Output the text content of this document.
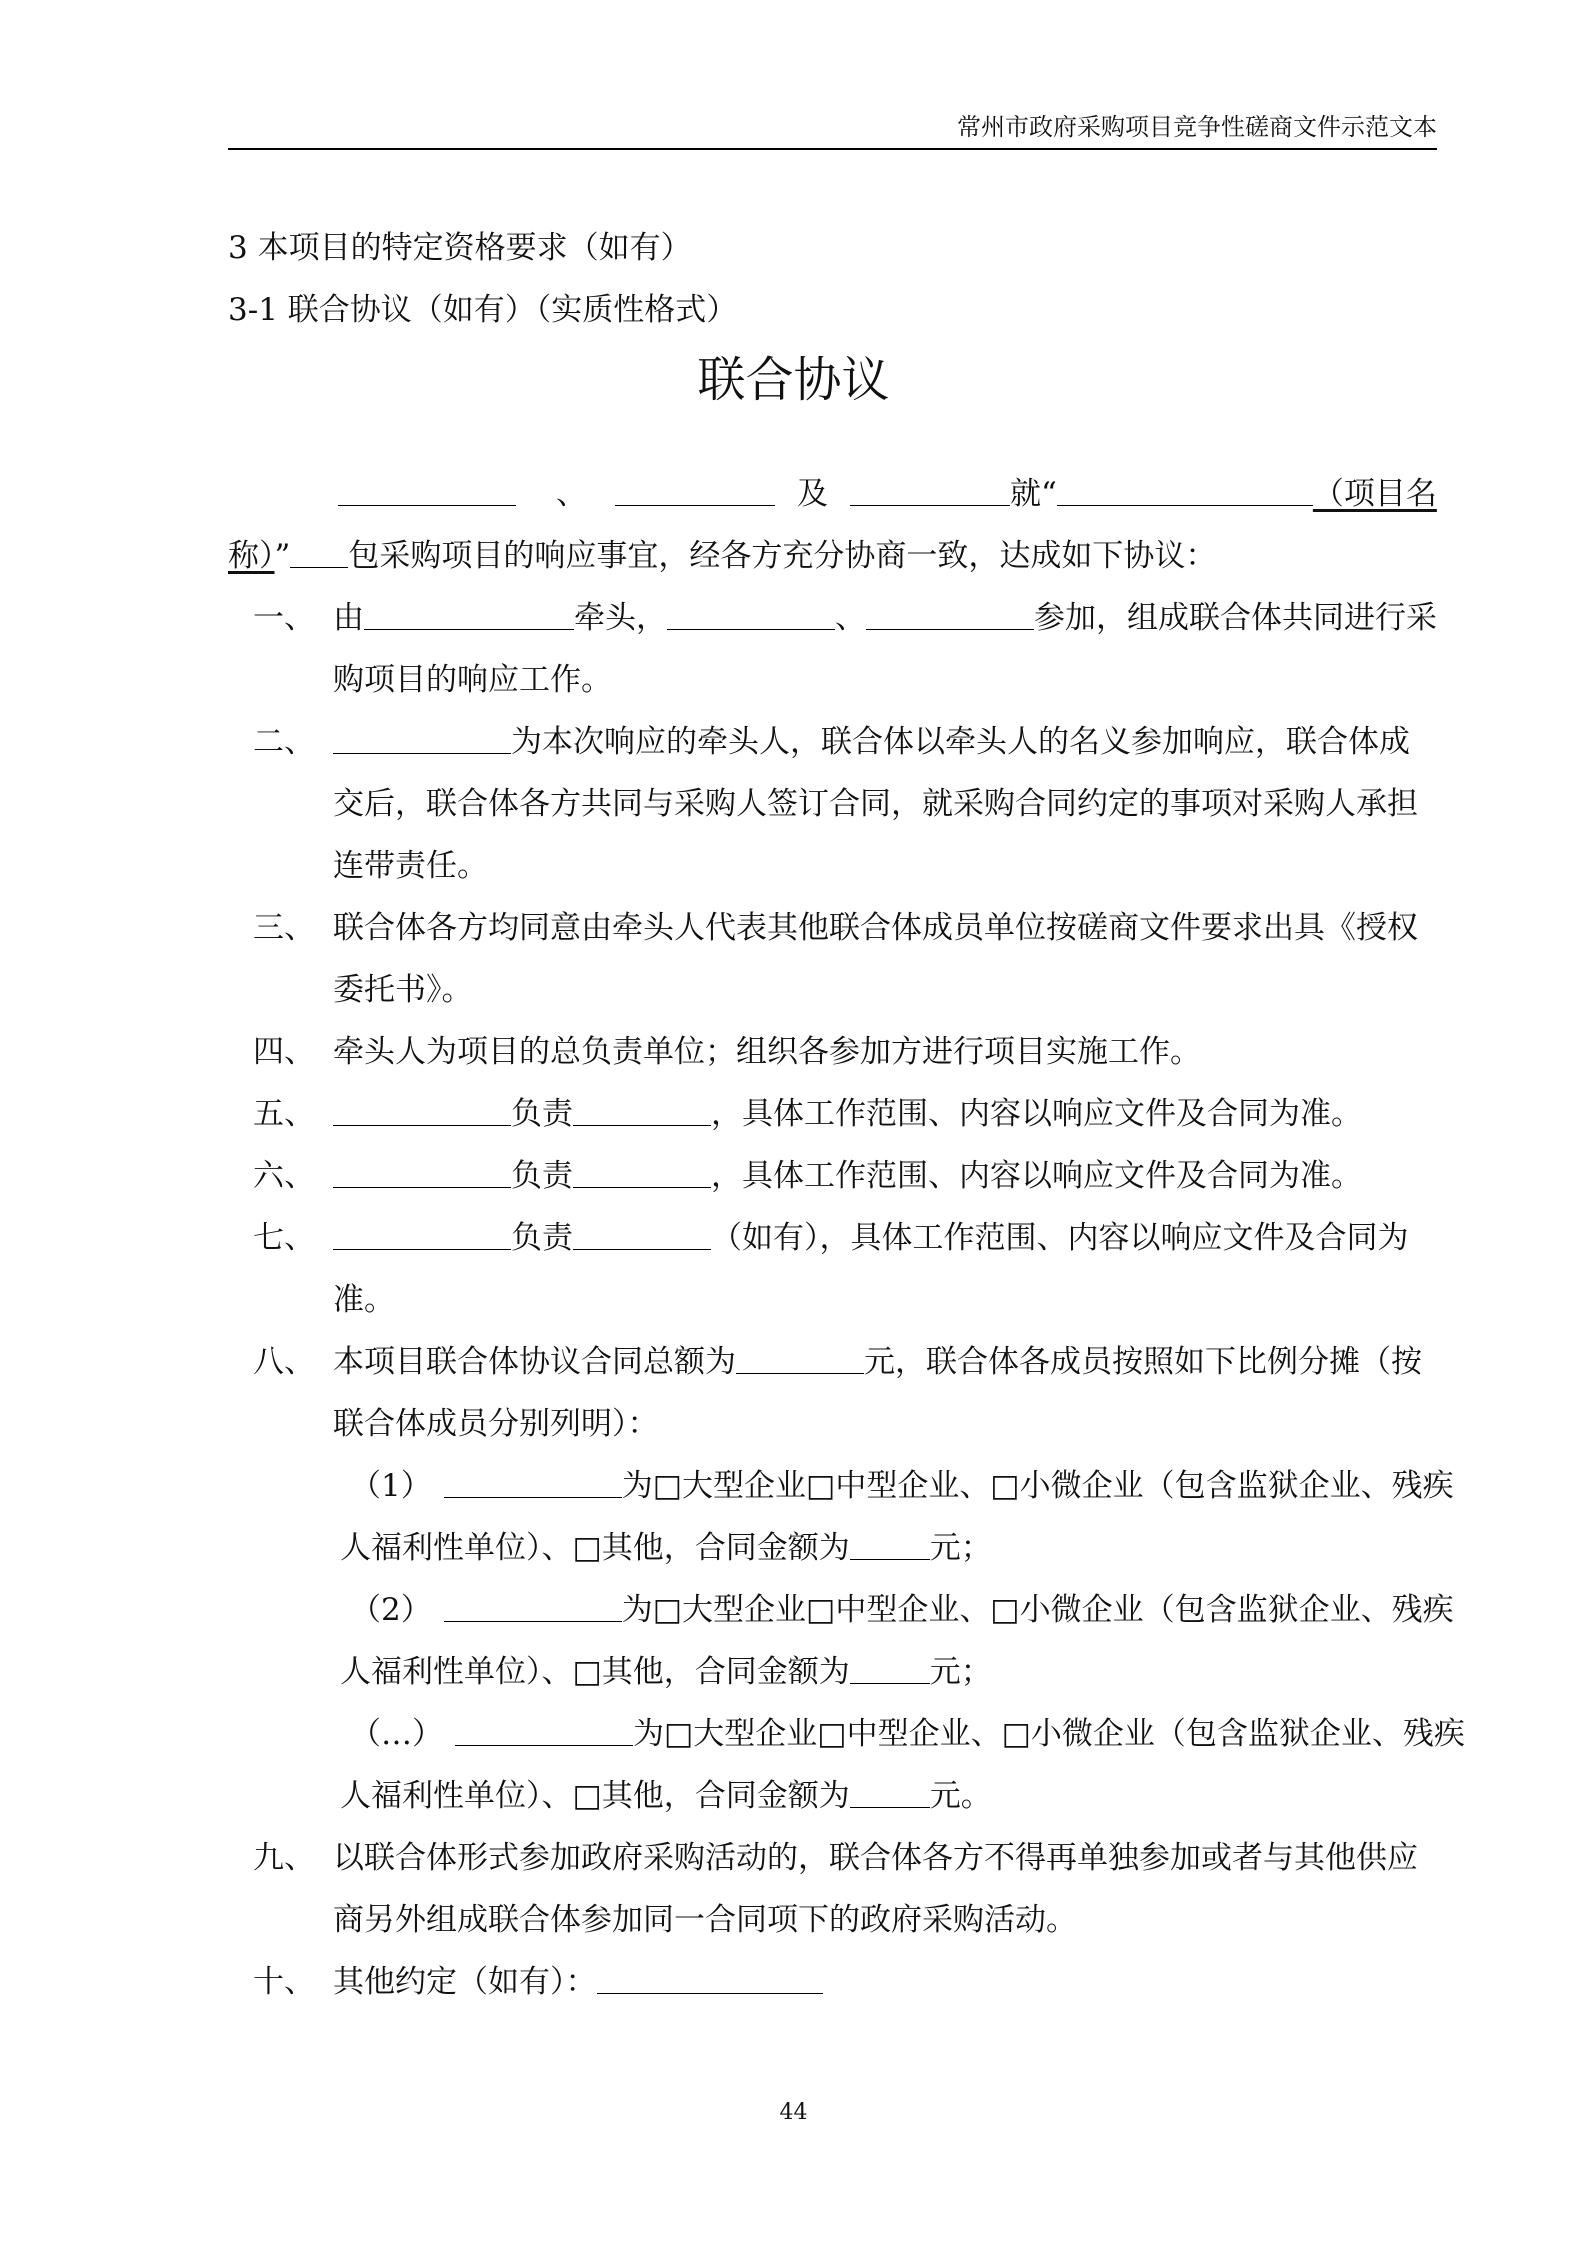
常州市政府采购项目竞争性磋商文件示范文本
3 本项目的特定资格要求（如有）
3-1 联合协议（如有）（实质性格式）
联合协议
、	及	就“	（项目名
称）” 包采购项目的响应事宜，经各方充分协商一致，达成如下协议：
一、 由	牵头，	、	参加，组成联合体共同进行采
购项目的响应工作。
二、	为本次响应的牵头人，联合体以牵头人的名义参加响应，联合体成
交后，联合体各方共同与采购人签订合同，就采购合同约定的事项对采购人承担
连带责任。
三、 联合体各方均同意由牵头人代表其他联合体成员单位按磋商文件要求出具《授权
委托书》。
四、 牵头人为项目的总负责单位；组织各参加方进行项目实施工作。
五、	负责	，具体工作范围、内容以响应文件及合同为准。
六、	负责	，具体工作范围、内容以响应文件及合同为准。
七、	负责	（如有），具体工作范围、内容以响应文件及合同为
准。
八、 本项目联合体协议合同总额为	元，联合体各成员按照如下比例分摊（按
联合体成员分别列明）：
（1）	为□大型企业□中型企业、□小微企业（包含监狱企业、残疾
人福利性单位）、□其他，合同金额为	元；
（2）	为□大型企业□中型企业、□小微企业（包含监狱企业、残疾
人福利性单位）、□其他，合同金额为	元；
（…）	为□大型企业□中型企业、□小微企业（包含监狱企业、残疾
人福利性单位）、□其他，合同金额为	元。
九、 以联合体形式参加政府采购活动的，联合体各方不得再单独参加或者与其他供应
商另外组成联合体参加同一合同项下的政府采购活动。
十、 其他约定（如有）：
44
